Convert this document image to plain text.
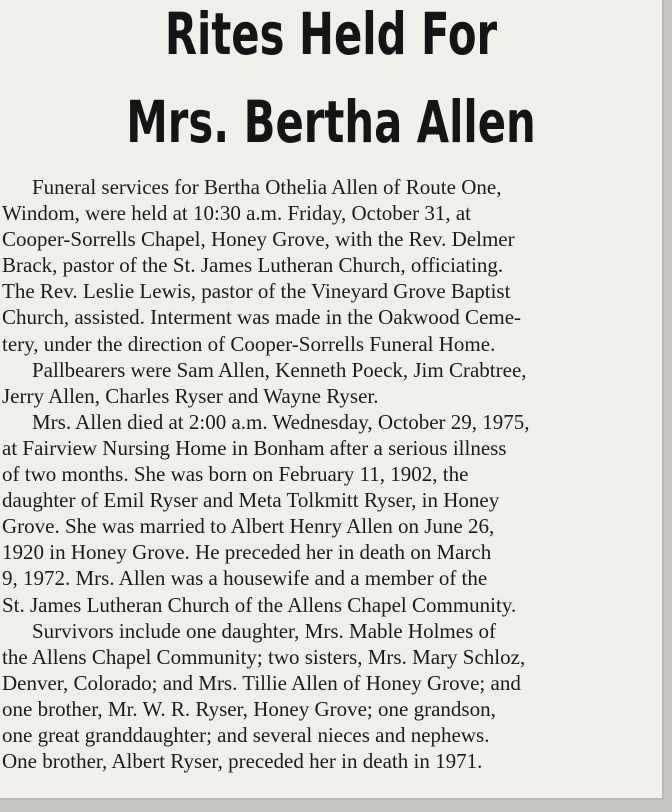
Rites Held For
Mrs. Bertha Allen
Funeral services for Bertha Othelia Allen of Route One,
Windom, were held at 10:30 a.m. Friday, October 31, at
Cooper-Sorrells Chapel, Honey Grove, with the Rev. Delmer
Brack, pastor of the St. James Lutheran Church, officiating.
The Rev. Leslie Lewis, pastor of the Vineyard Grove Baptist
Church, assisted. Interment was made in the Oakwood Ceme-
tery, under the direction of Cooper-Sorrells Funeral Home.
Pallbearers were Sam Allen, Kenneth Poeck, Jim Crabtree,
Jerry Allen, Charles Ryser and Wayne Ryser.
Mrs. Allen died at 2:00 a.m. Wednesday, October 29, 1975,
at Fairview Nursing Home in Bonham after a serious illness
of two months. She was born on February 11, 1902, the
daughter of Emil Ryser and Meta Tolkmitt Ryser, in Honey
Grove. She was married to Albert Henry Allen on June 26,
1920 in Honey Grove. He preceded her in death on March
9, 1972. Mrs. Allen was a housewife and a member of the
St. James Lutheran Church of the Allens Chapel Community.
Survivors include one daughter, Mrs. Mable Holmes of
the Allens Chapel Community; two sisters, Mrs. Mary Schloz,
Denver, Colorado; and Mrs. Tillie Allen of Honey Grove; and
one brother, Mr. W. R. Ryser, Honey Grove; one grandson,
one great granddaughter; and several nieces and nephews.
One brother, Albert Ryser, preceded her in death in 1971.
